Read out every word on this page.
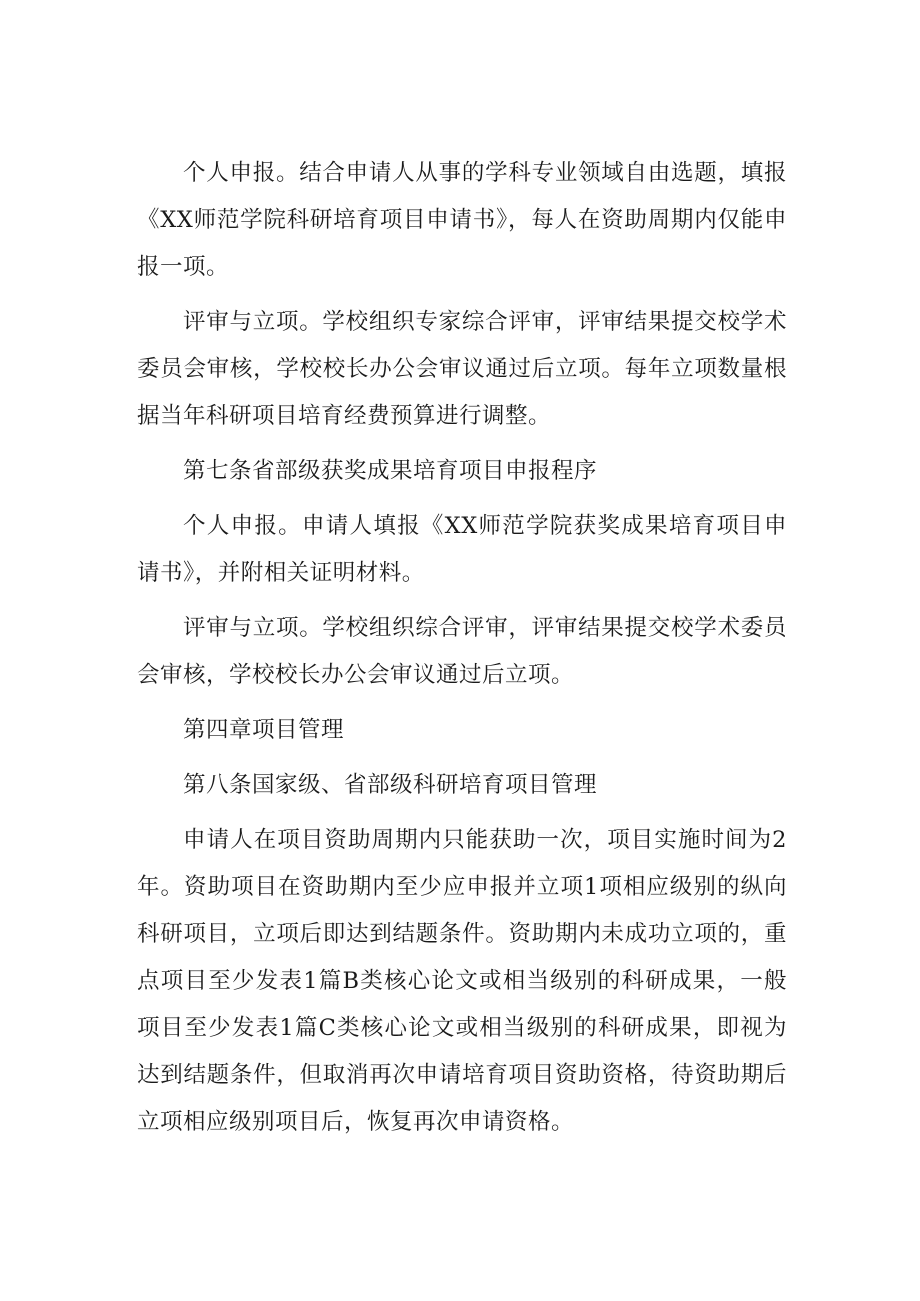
个人申报。结合申请人从事的学科专业领域自由选题，填报《XX师范学院科研培育项目申请书》，每人在资助周期内仅能申报一项。

评审与立项。学校组织专家综合评审，评审结果提交校学术委员会审核，学校校长办公会审议通过后立项。每年立项数量根据当年科研项目培育经费预算进行调整。

第七条省部级获奖成果培育项目申报程序

个人申报。申请人填报《XX师范学院获奖成果培育项目申请书》，并附相关证明材料。

评审与立项。学校组织综合评审，评审结果提交校学术委员会审核，学校校长办公会审议通过后立项。

第四章项目管理

第八条国家级、省部级科研培育项目管理

申请人在项目资助周期内只能获助一次，项目实施时间为2年。资助项目在资助期内至少应申报并立项1项相应级别的纵向科研项目，立项后即达到结题条件。资助期内未成功立项的，重点项目至少发表1篇B类核心论文或相当级别的科研成果，一般项目至少发表1篇C类核心论文或相当级别的科研成果，即视为达到结题条件，但取消再次申请培育项目资助资格，待资助期后立项相应级别项目后，恢复再次申请资格。
